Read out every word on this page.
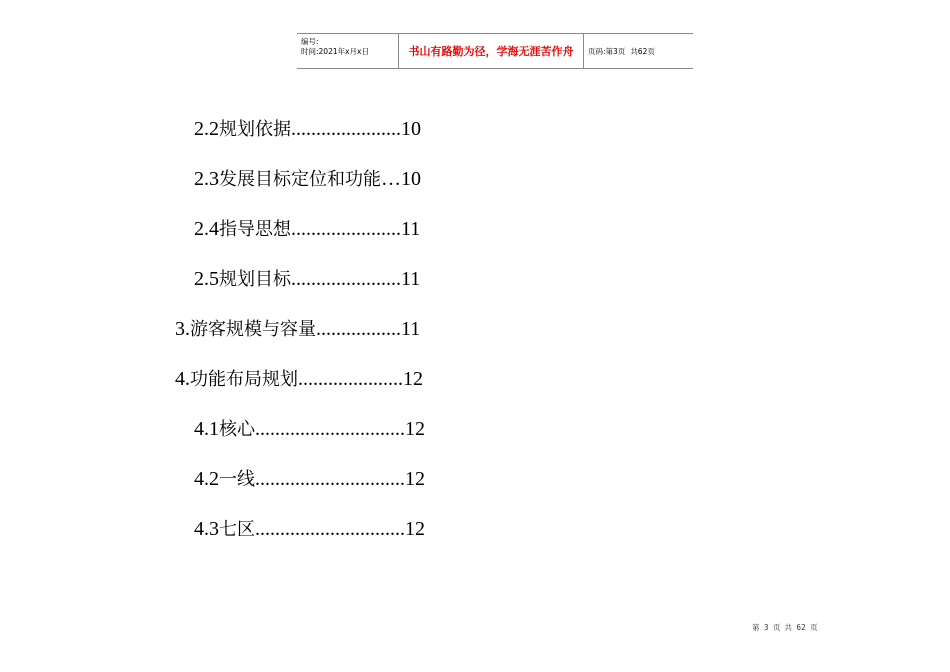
编号:
时间:2021年x月x日	书山有路勤为径，学海无涯苦作舟	页码:第3页 共62页
2.2 规划依据 ...................... 10
2.3 发展目标定位和功能 … 10
2.4 指导思想 ...................... 11
2.5 规划目标 ...................... 11
3. 游客规模与容量 ................. 11
4. 功能布局规划 ..................... 12
4.1 核心 .............................. 12
4.2 一线 .............................. 12
4.3 七区 .............................. 12
第 3 页 共 62 页
